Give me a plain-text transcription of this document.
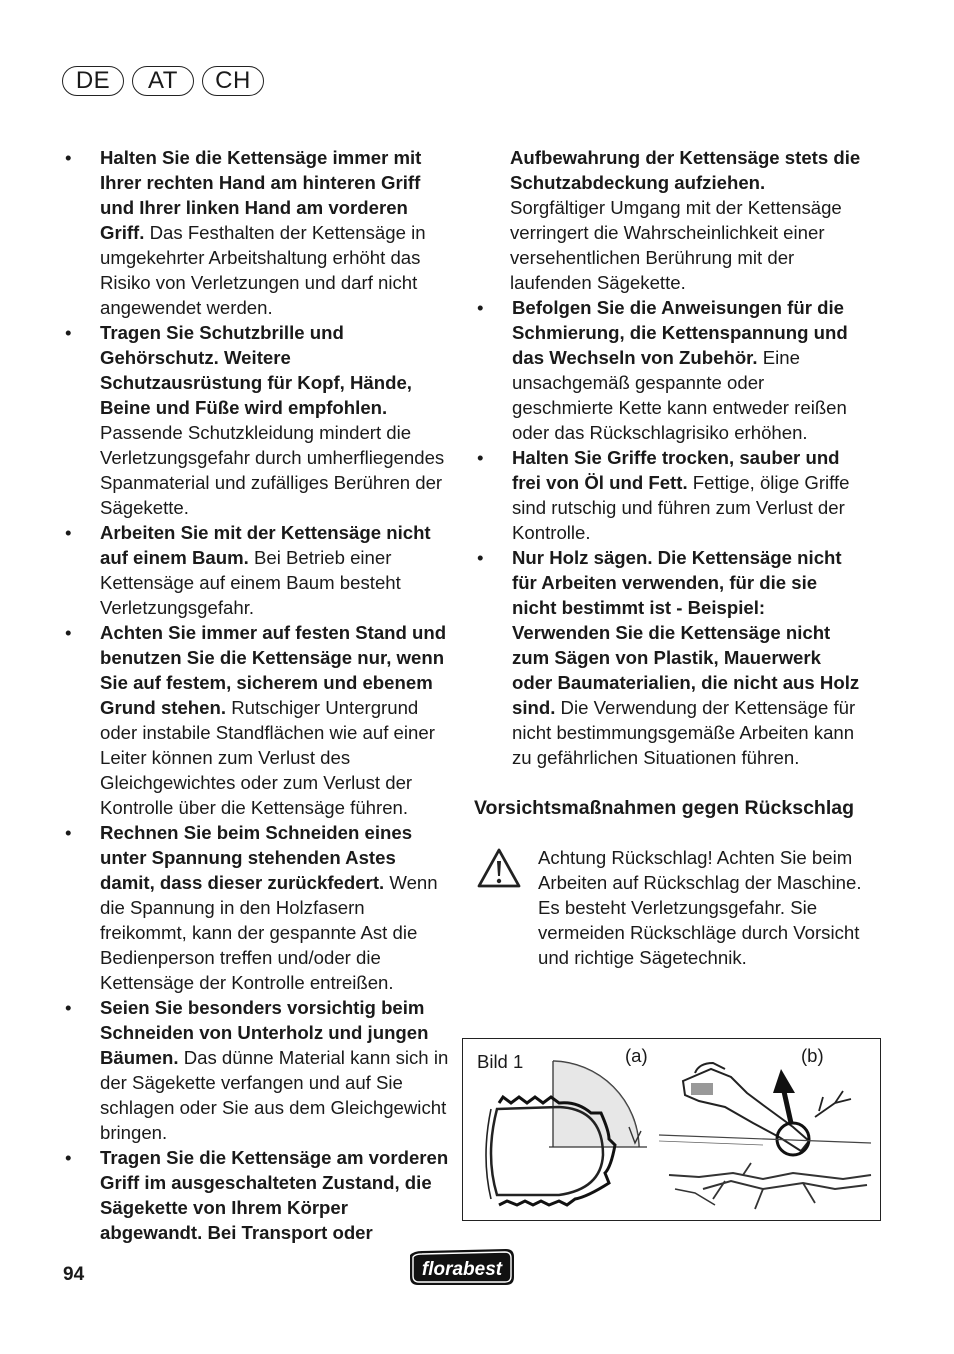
DE	AT	CH
• Halten Sie die Kettensäge immer mit Ihrer rechten Hand am hinteren Griff und Ihrer linken Hand am vorderen Griff. Das Festhalten der Kettensäge in umgekehrter Arbeitshaltung erhöht das Risiko von Verletzungen und darf nicht angewendet werden.
• Tragen Sie Schutzbrille und Gehörschutz. Weitere Schutzausrüstung für Kopf, Hände, Beine und Füße wird empfohlen. Passende Schutzkleidung mindert die Verletzungsgefahr durch umherfliegendes Spanmaterial und zufälliges Berühren der Sägekette.
• Arbeiten Sie mit der Kettensäge nicht auf einem Baum. Bei Betrieb einer Kettensäge auf einem Baum besteht Verletzungsgefahr.
• Achten Sie immer auf festen Stand und benutzen Sie die Kettensäge nur, wenn Sie auf festem, sicherem und ebenem Grund stehen. Rutschiger Untergrund oder instabile Standflächen wie auf einer Leiter können zum Verlust des Gleichgewichtes oder zum Verlust der Kontrolle über die Kettensäge führen.
• Rechnen Sie beim Schneiden eines unter Spannung stehenden Astes damit, dass dieser zurückfedert. Wenn die Spannung in den Holzfasern freikommt, kann der gespannte Ast die Bedienperson treffen und/oder die Kettensäge der Kontrolle entreißen.
• Seien Sie besonders vorsichtig beim Schneiden von Unterholz und jungen Bäumen. Das dünne Material kann sich in der Sägekette verfangen und auf Sie schlagen oder Sie aus dem Gleichgewicht bringen.
• Tragen Sie die Kettensäge am vorderen Griff im ausgeschalteten Zustand, die Sägekette von Ihrem Körper abgewandt. Bei Transport oder
Aufbewahrung der Kettensäge stets die Schutzabdeckung aufziehen. Sorgfältiger Umgang mit der Kettensäge verringert die Wahrscheinlichkeit einer versehentlichen Berührung mit der laufenden Sägekette.
• Befolgen Sie die Anweisungen für die Schmierung, die Kettenspannung und das Wechseln von Zubehör. Eine unsachgemäß gespannte oder geschmierte Kette kann entweder reißen oder das Rückschlagrisiko erhöhen.
• Halten Sie Griffe trocken, sauber und frei von Öl und Fett. Fettige, ölige Griffe sind rutschig und führen zum Verlust der Kontrolle.
• Nur Holz sägen. Die Kettensäge nicht für Arbeiten verwenden, für die sie nicht bestimmt ist - Beispiel: Verwenden Sie die Kettensäge nicht zum Sägen von Plastik, Mauerwerk oder Baumaterialien, die nicht aus Holz sind. Die Verwendung der Kettensäge für nicht bestimmungsgemäße Arbeiten kann zu gefährlichen Situationen führen.
Vorsichtsmaßnahmen gegen Rückschlag
Achtung Rückschlag! Achten Sie beim Arbeiten auf Rückschlag der Maschine. Es besteht Verletzungsgefahr. Sie vermeiden Rückschläge durch Vorsicht und richtige Sägetechnik.
Bild 1	(a)	(b)
94	florabest
